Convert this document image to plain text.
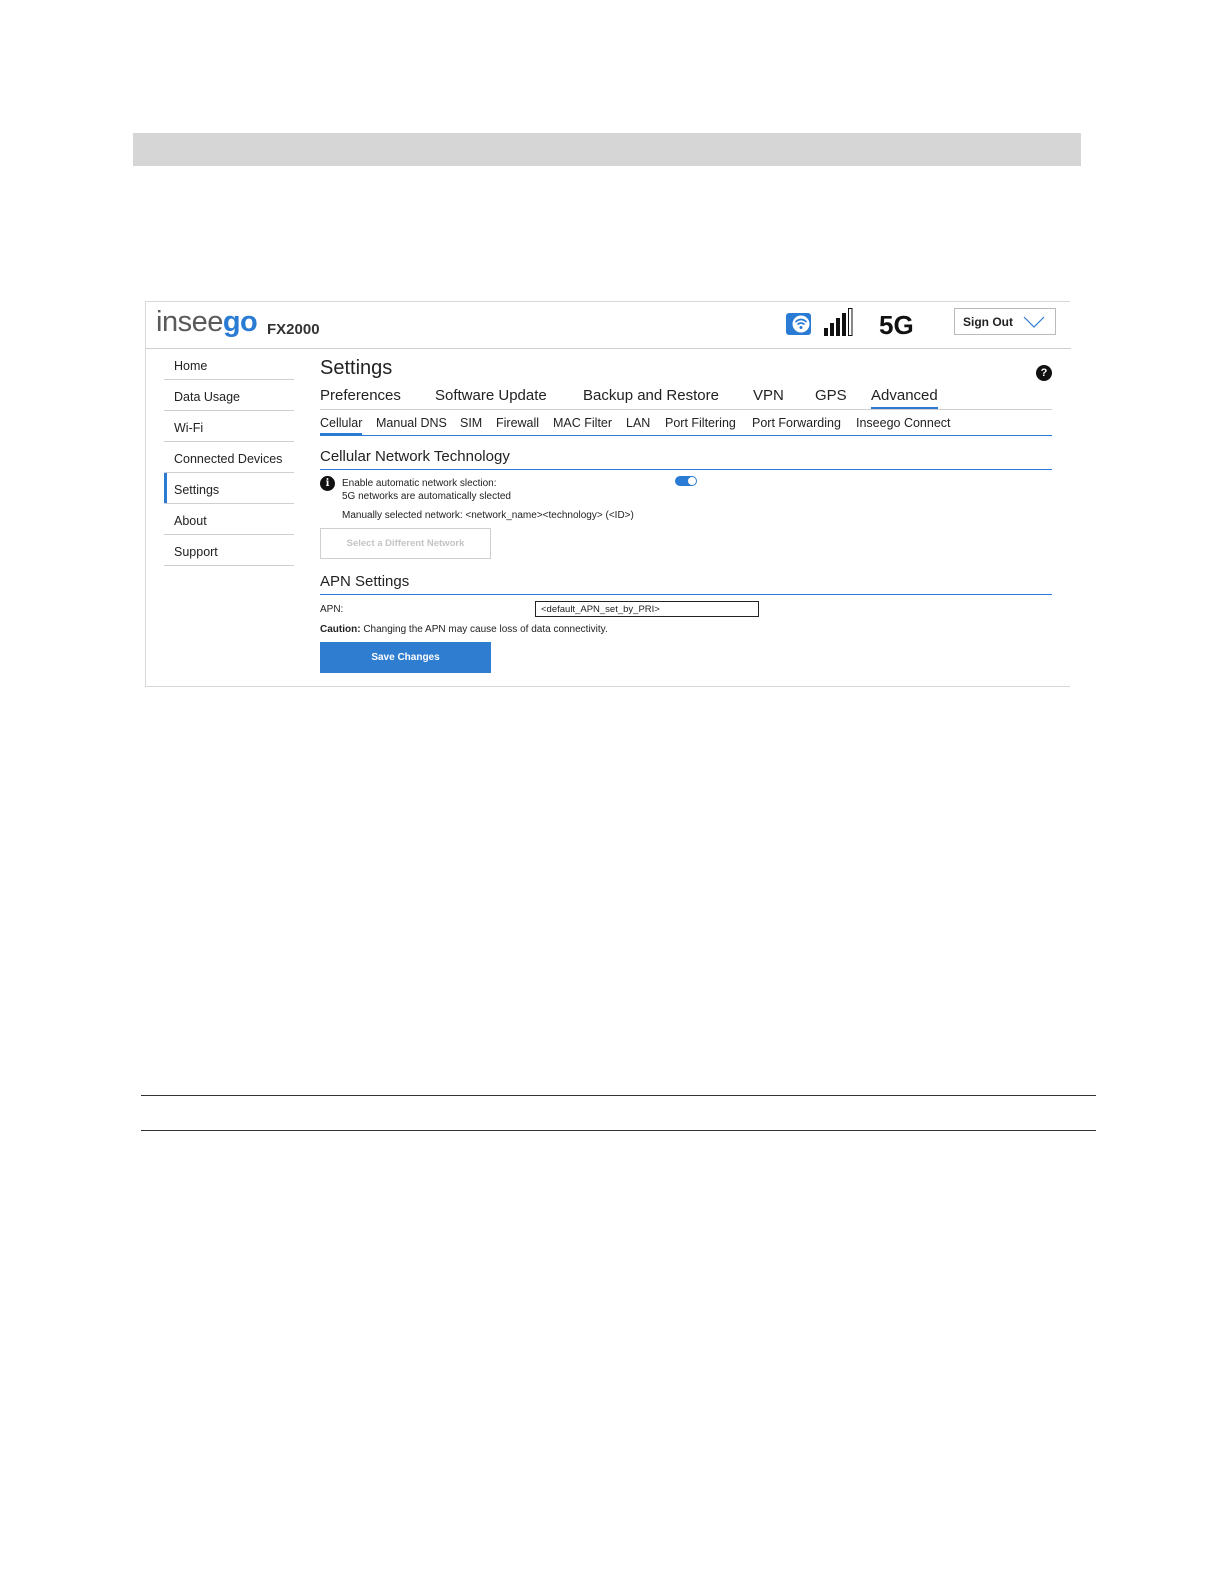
inseego FX2000	5G	Sign Out
Home
Data Usage
Wi-Fi
Connected Devices
Settings
About
Support
Settings	?
Preferences Software Update Backup and Restore VPN GPS Advanced
Cellular Manual DNS SIM Firewall MAC Filter LAN Port Filtering Port Forwarding Inseego Connect
Cellular Network Technology
i	Enable automatic network slection:
5G networks are automatically slected
Manually selected network: <network_name><technology> (<ID>)
Select a Different Network
APN Settings
APN:
<default_APN_set_by_PRI>
Caution: Changing the APN may cause loss of data connectivity.
Save Changes
